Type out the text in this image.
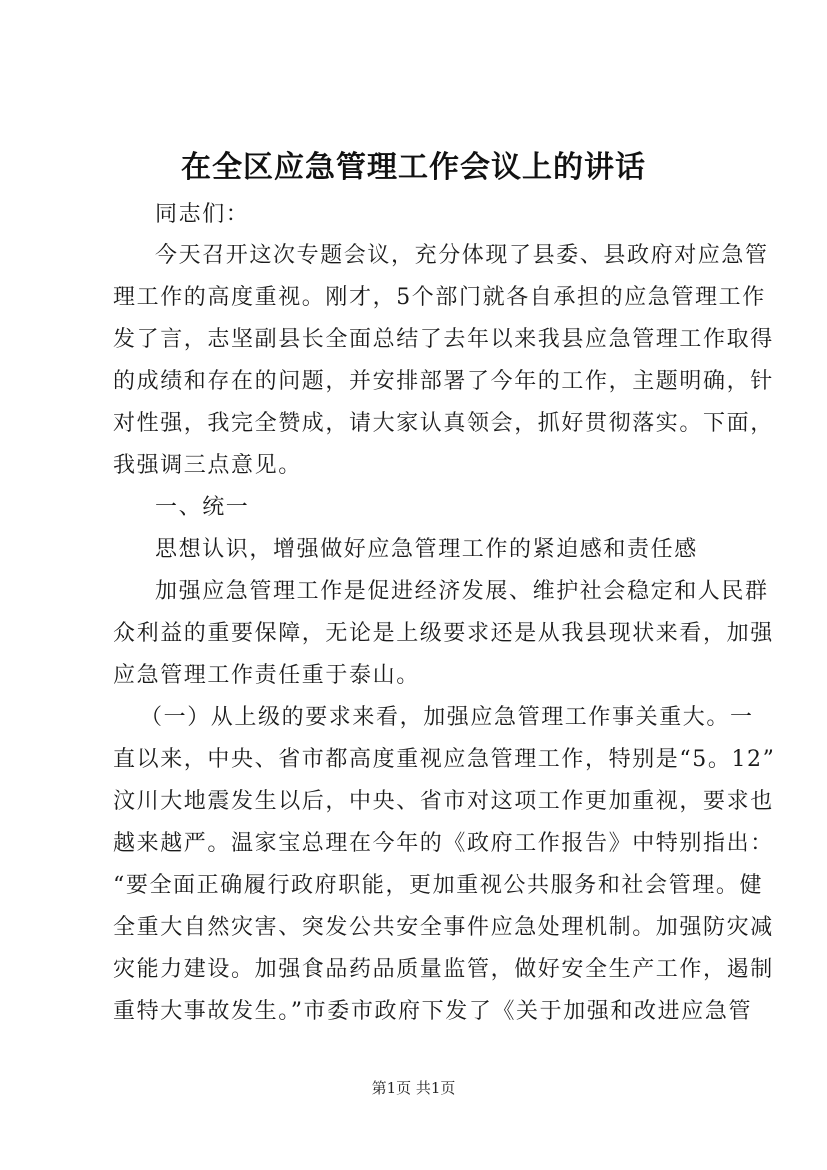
在全区应急管理工作会议上的讲话
同志们：
今天召开这次专题会议，充分体现了县委、县政府对应急管
理工作的高度重视。刚才，5个部门就各自承担的应急管理工作
发了言，志坚副县长全面总结了去年以来我县应急管理工作取得
的成绩和存在的问题，并安排部署了今年的工作，主题明确，针
对性强，我完全赞成，请大家认真领会，抓好贯彻落实。下面，
我强调三点意见。
一、统一
思想认识，增强做好应急管理工作的紧迫感和责任感
加强应急管理工作是促进经济发展、维护社会稳定和人民群
众利益的重要保障，无论是上级要求还是从我县现状来看，加强
应急管理工作责任重于泰山。
（一）从上级的要求来看，加强应急管理工作事关重大。一
直以来，中央、省市都高度重视应急管理工作，特别是“5。12”
汶川大地震发生以后，中央、省市对这项工作更加重视，要求也
越来越严。温家宝总理在今年的《政府工作报告》中特别指出：
“要全面正确履行政府职能，更加重视公共服务和社会管理。健
全重大自然灾害、突发公共安全事件应急处理机制。加强防灾减
灾能力建设。加强食品药品质量监管，做好安全生产工作，遏制
重特大事故发生。”市委市政府下发了《关于加强和改进应急管
第1页 共1页
